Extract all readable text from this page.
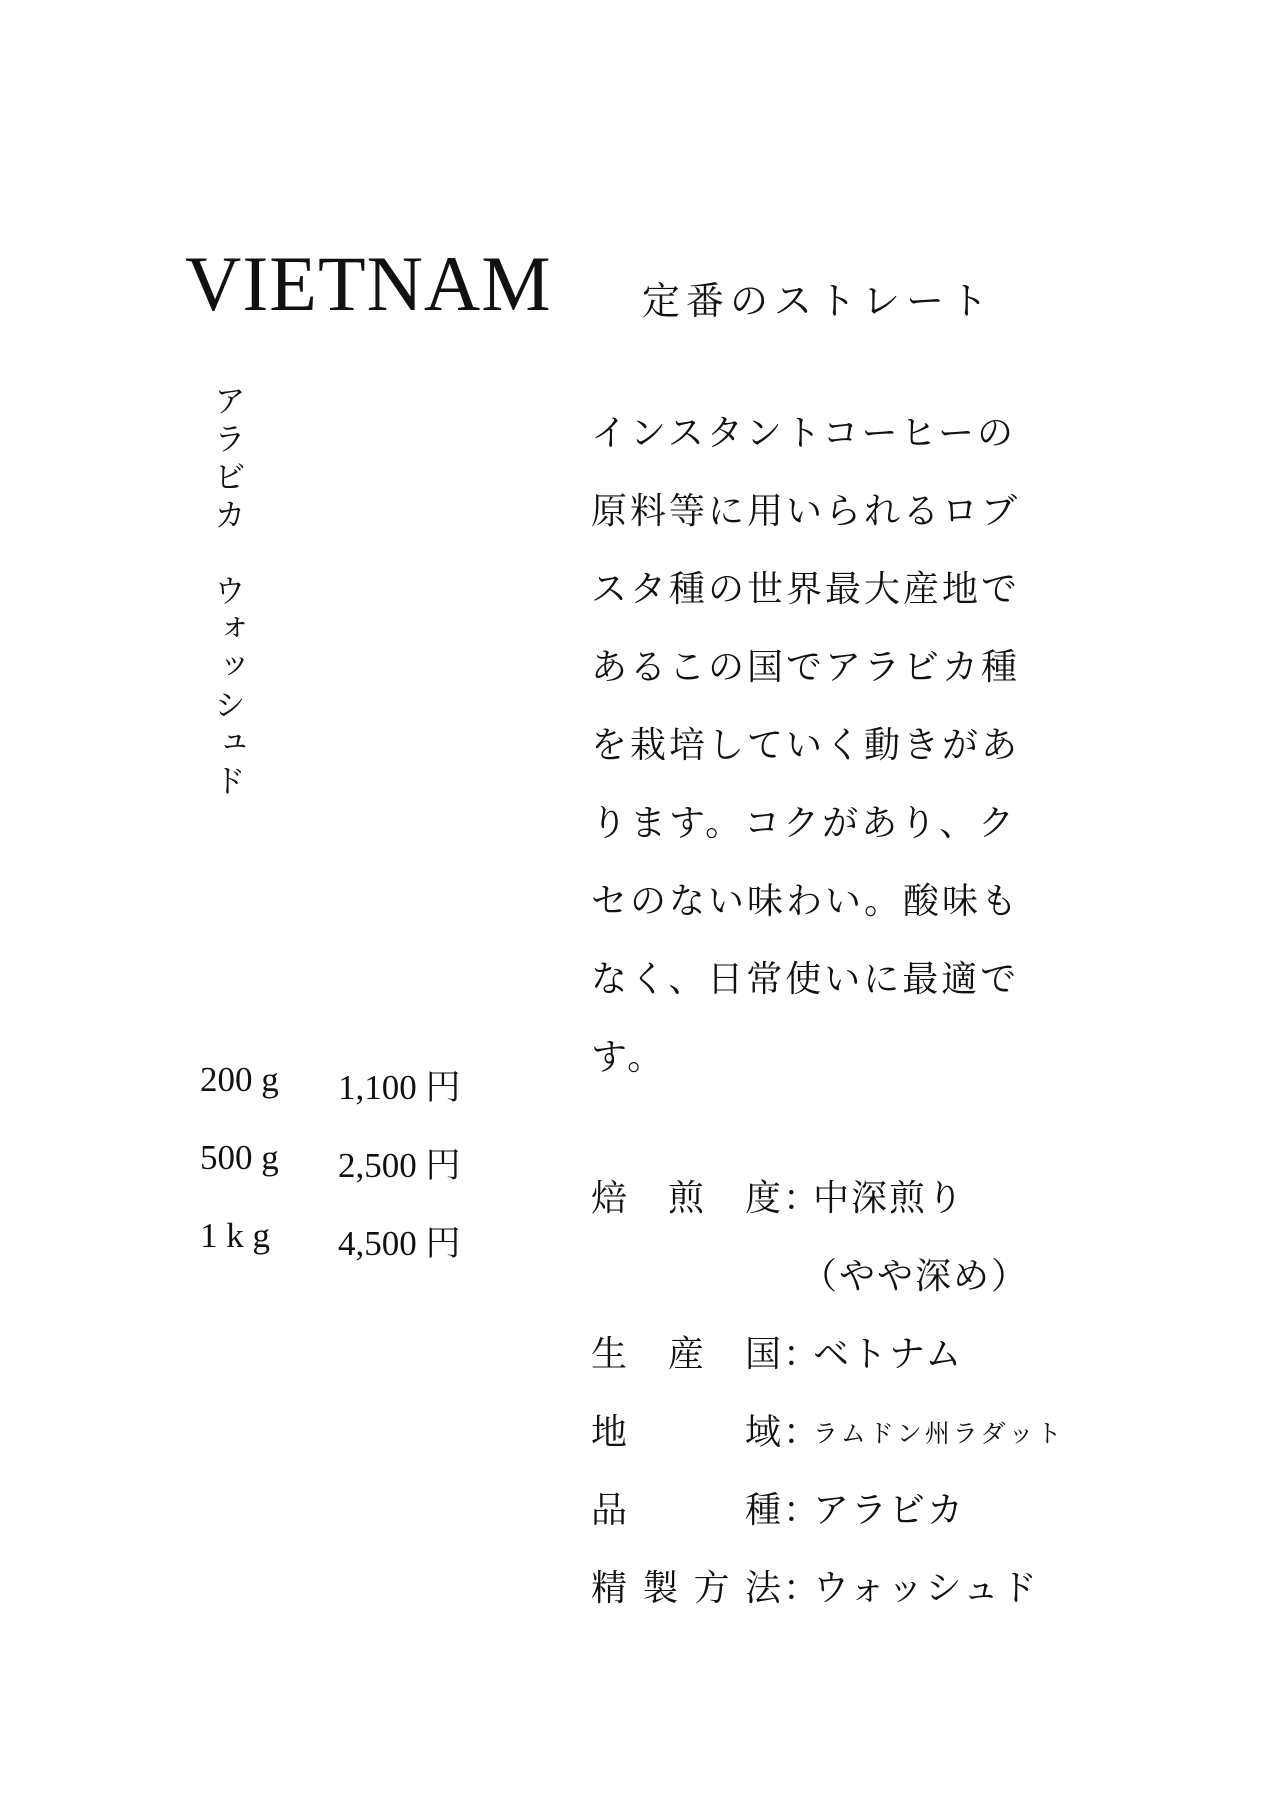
VIETNAM 定番のストレート
アラビカウォッシュド
200 g	1,100 円
500 g	2,500 円
1 k g	4,500 円
インスタントコーヒーの原料等に用いられるロブスタ種の世界最大産地であるこの国でアラビカ種を栽培していく動きがあります。コクがあり、クセのない味わい。酸味もなく、日常使いに最適です。
焙 煎 度 ：
中深煎り
（やや深め）
生 産 国 ：
ベトナム
地	域 ：
ラムドン州ラダット
品	種 ：
アラビカ
精 製 方 法 ：
ウォッシュド
